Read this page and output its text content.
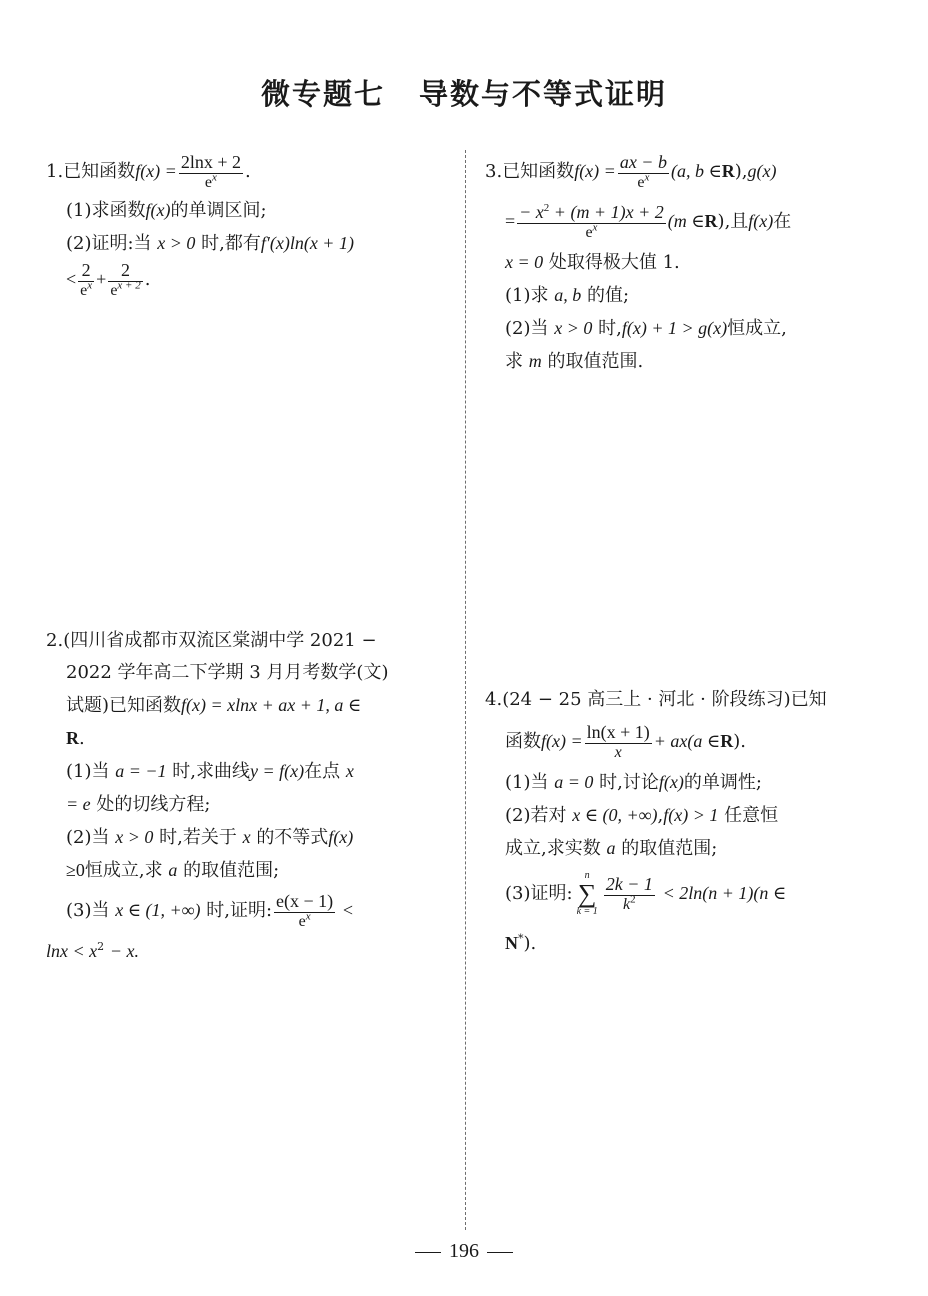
微专题七 导数与不等式证明
1.已知函数$f(x) = \frac{2\ln x + 2}{e^x}$ .
(1)求函数f(x)的单调区间;
(2)证明:当 x > 0 时,都有f′(x)ln(x + 1)
< $\frac{2}{e^x} + \frac{2}{e^{x + 2}}$ .
2.(四川省成都市双流区棠湖中学 2021 −
2022 学年高二下学期 3 月月考数学(文)
试题)已知函数f(x) = xlnx + ax + 1, a ∈
R.
(1)当 a = −1 时,求曲线y = f(x)在点 x
= e 处的切线方程;
(2)当 x > 0 时,若关于 x 的不等式f(x)
≥0恒成立,求 a 的取值范围;
(3)当 x ∈ (1, +∞) 时,证明: $\frac{e(x - 1)}{e^x}$ <
$\ln x < x^2 - x$.
3.已知函数$f(x) = \frac{ax - b}{e^x} (a$, b ∈R),g(x)
= $\frac{- x^2 + (m + 1)x + 2}{e^x} (m$ ∈R),且f(x)在
x = 0 处取得极大值 1.
(1)求 a, b 的值;
(2)当 x > 0 时,f(x) + 1 > g(x)恒成立,
求 m 的取值范围.
4.(24 − 25 高三上 · 河北 · 阶段练习)已知
函数$f(x) = \frac{\ln(x + 1)}{x} + ax(a$ ∈R).
(1)当 a = 0 时,讨论f(x)的单调性;
(2)若对 x ∈ (0, +∞),f(x) > 1 任意恒
成立,求实数 a 的取值范围;
(3)证明:
n
∑
$k = 1 \frac{2k - 1}{k^2} < 2\ln(n + 1)(n$ ∈
N*).
196
